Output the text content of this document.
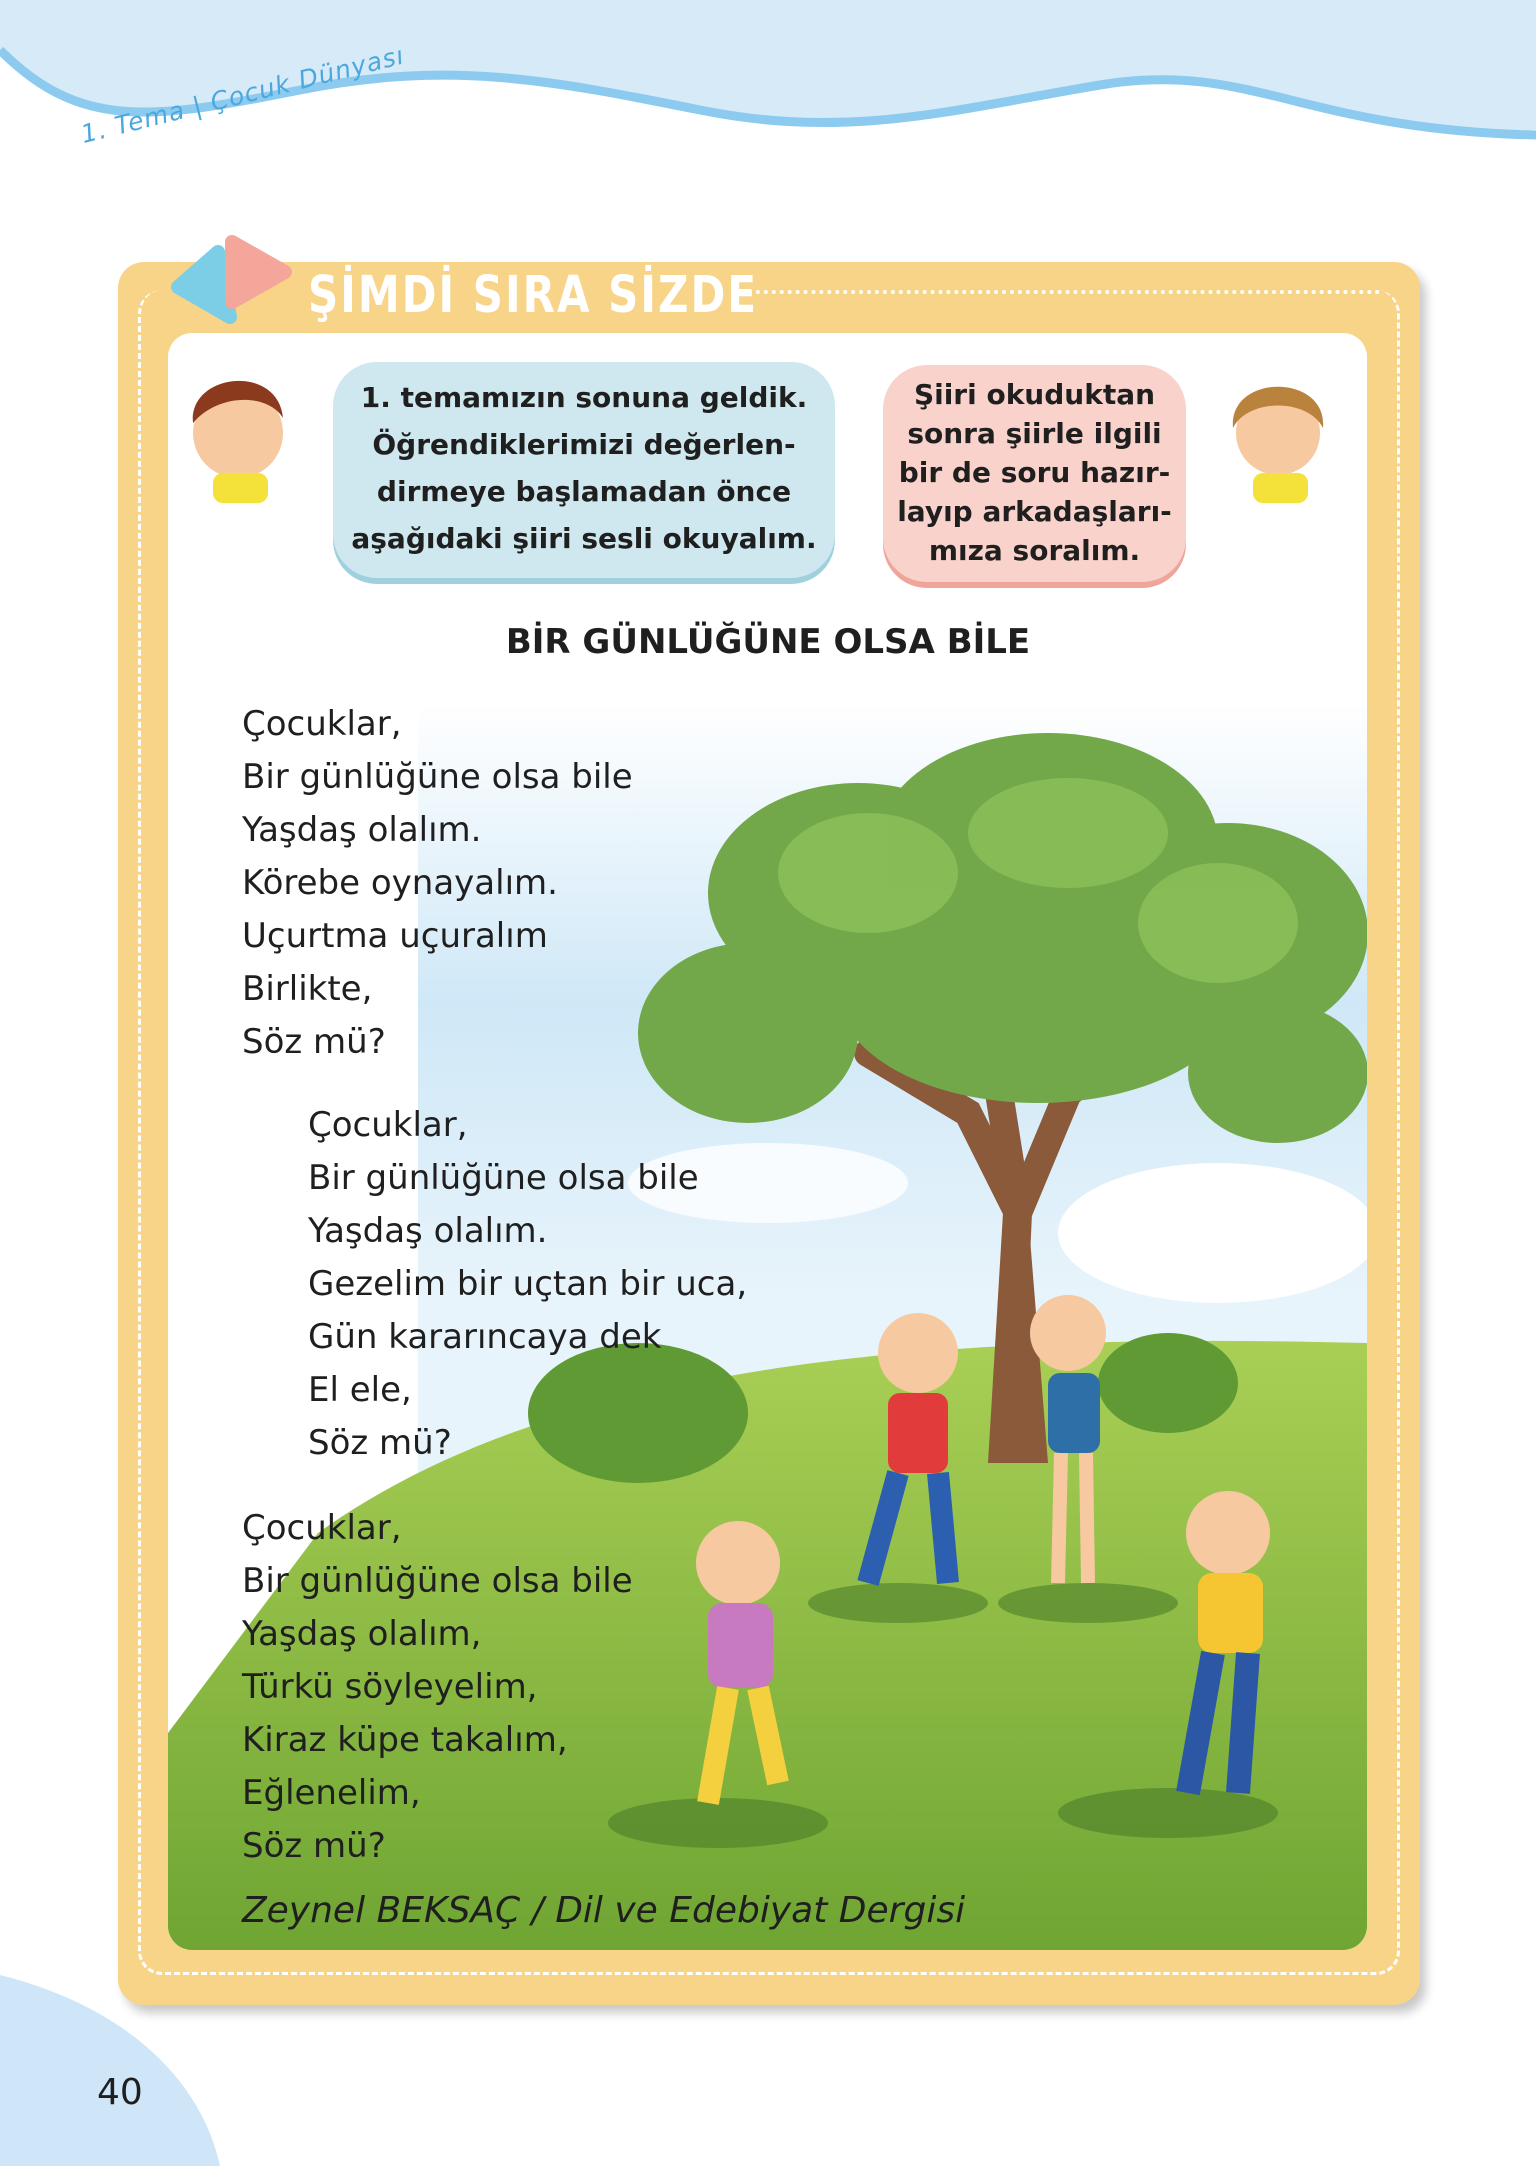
1. Tema | Çocuk Dünyası
ŞİMDİ SIRA SİZDE
1. temamızın sonuna geldik.
Öğrendiklerimizi değerlen-
dirmeye başlamadan önce
aşağıdaki şiiri sesli okuyalım.
Şiiri okuduktan
sonra şiirle ilgili
bir de soru hazır-
layıp arkadaşları-
mıza soralım.
BİR GÜNLÜĞÜNE OLSA BİLE
Çocuklar,
Bir günlüğüne olsa bile
Yaşdaş olalım.
Körebe oynayalım.
Uçurtma uçuralım
Birlikte,
Söz mü?
Çocuklar,
Bir günlüğüne olsa bile
Yaşdaş olalım.
Gezelim bir uçtan bir uca,
Gün kararıncaya dek
El ele,
Söz mü?
Çocuklar,
Bir günlüğüne olsa bile
Yaşdaş olalım,
Türkü söyleyelim,
Kiraz küpe takalım,
Eğlenelim,
Söz mü?
Zeynel BEKSAÇ / Dil ve Edebiyat Dergisi
40
